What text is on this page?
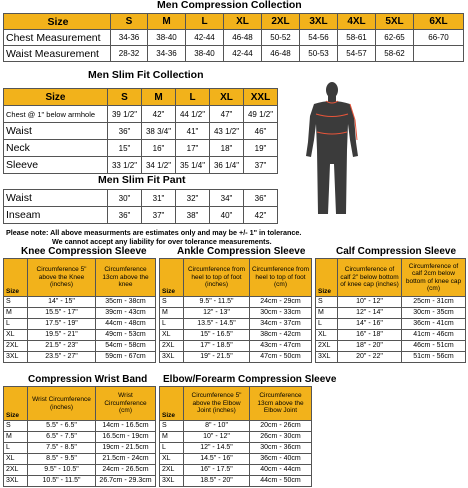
Men Compression Collection
Size	S	M	L	XL	2XL	3XL	4XL	5XL	6XL
Chest Measurement	34-36	38-40	42-44	46-48	50-52	54-56	58-61	62-65	66-70
Waist Measurement	28-32	34-36	38-40	42-44	46-48	50-53	54-57	58-62	
Men Slim Fit Collection
Size	S	M	L	XL	XXL
Chest @ 1" below armhole	39 1/2"	42"	44 1/2"	47"	49 1/2"
Waist	36"	38 3/4"	41"	43 1/2"	46"
Neck	15"	16"	17"	18"	19"
Sleeve	33 1/2"	34 1/2"	35 1/4"	36 1/4"	37"
Men Slim Fit Pant
Waist	30"	31"	32"	34"	36"
Inseam	36"	37"	38"	40"	42"
Please note: All above measurments are estimates only and may be +/- 1" in tolerance.
We cannot accept any liability for over tolerance measurements.
Knee Compression Sleeve
Size	Circumference 5" above the Knee (inches)	Circumference 13cm above the knee
S	14" - 15"	35cm - 38cm
M	15.5" - 17"	39cm - 43cm
L	17.5" - 19"	44cm - 48cm
XL	19.5" - 21"	49cm - 53cm
2XL	21.5" - 23"	54cm - 58cm
3XL	23.5" - 27"	59cm - 67cm
Ankle Compression Sleeve
Size	Circumference from heel to top of foot (inches)	Circumference from heel to top of foot (cm)
S	9.5" - 11.5"	24cm - 29cm
M	12" - 13"	30cm - 33cm
L	13.5" - 14.5"	34cm - 37cm
XL	15" - 16.5"	38cm - 42cm
2XL	17" - 18.5"	43cm - 47cm
3XL	19" - 21.5"	47cm - 50cm
Calf Compression Sleeve
Size	Circumference of calf 2" below bottom of knee cap (inches)	Circumference of calf 2cm below bottom of knee cap (cm)
S	10" - 12"	25cm - 31cm
M	12" - 14"	30cm - 35cm
L	14" - 16"	36cm - 41cm
XL	16" - 18"	41cm - 46cm
2XL	18" - 20"	46cm - 51cm
3XL	20" - 22"	51cm - 56cm
Compression Wrist Band
Size	Wrist Circumference (inches)	Wrist Circumference (cm)
S	5.5" - 6.5"	14cm - 16.5cm
M	6.5" - 7.5"	16.5cm - 19cm
L	7.5" - 8.5"	19cm - 21.5cm
XL	8.5" - 9.5"	21.5cm - 24cm
2XL	9.5" - 10.5"	24cm - 26.5cm
3XL	10.5" - 11.5"	26.7cm - 29.3cm
Elbow/Forearm Compression Sleeve
Size	Circumference 5" above the Elbow Joint (inches)	Circumference 13cm above the Elbow Joint
S	8" - 10"	20cm - 26cm
M	10" - 12"	26cm - 30cm
L	12" - 14.5"	30cm - 36cm
XL	14.5" - 16"	36cm - 40cm
2XL	16" - 17.5"	40cm - 44cm
3XL	18.5" - 20"	44cm - 50cm
